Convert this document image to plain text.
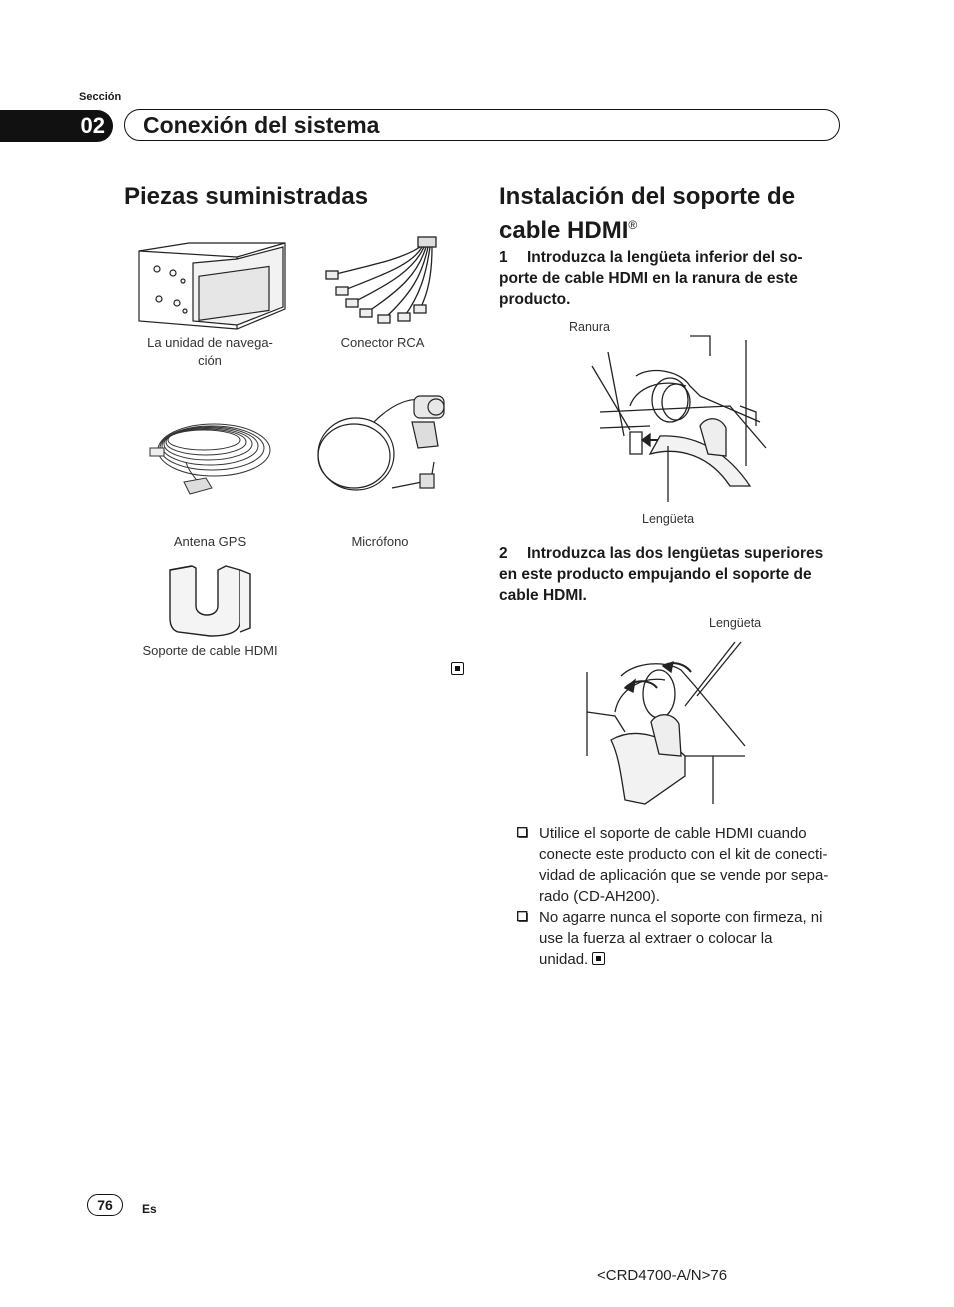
Sección
02	Conexión del sistema
Piezas suministradas
La unidad de navega-
ción
Conector RCA
Antena GPS	Micrófono
Soporte de cable HDMI
Instalación del soporte de
cable HDMI®
1 Introduzca la lengüeta inferior del so-
porte de cable HDMI en la ranura de este
producto.
Ranura
Lengüeta
2 Introduzca las dos lengüetas superiores
en este producto empujando el soporte de
cable HDMI.
Lengüeta
Utilice el soporte de cable HDMI cuando
conecte este producto con el kit de conecti-
vidad de aplicación que se vende por sepa-
rado (CD-AH200).
No agarre nunca el soporte con firmeza, ni
use la fuerza al extraer o colocar la
unidad.
76	Es
<CRD4700-A/N>76
